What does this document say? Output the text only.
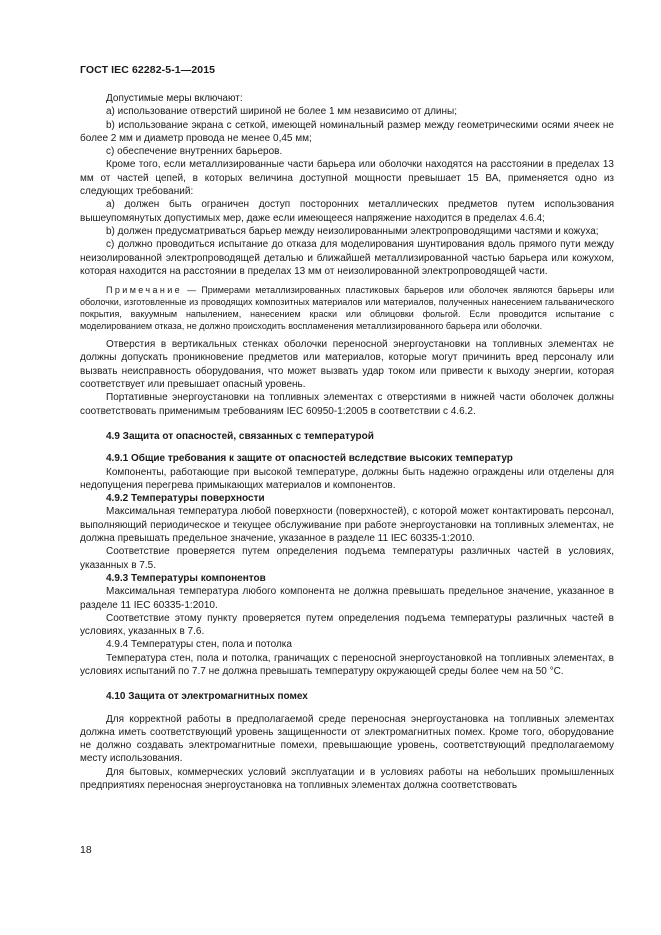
ГОСТ IEC 62282-5-1—2015

Допустимые меры включают:

a) использование отверстий шириной не более 1 мм независимо от длины;

b) использование экрана с сеткой, имеющей номинальный размер между геометрическими осями ячеек не более 2 мм и диаметр провода не менее 0,45 мм;

c) обеспечение внутренних барьеров.

Кроме того, если металлизированные части барьера или оболочки находятся на расстоянии в пределах 13 мм от частей цепей, в которых величина доступной мощности превышает 15 ВА, применяется одно из следующих требований:

a) должен быть ограничен доступ посторонних металлических предметов путем использования вышеупомянутых допустимых мер, даже если имеющееся напряжение находится в пределах 4.6.4;

b) должен предусматриваться барьер между неизолированными электропроводящими частями и кожуха;

c) должно проводиться испытание до отказа для моделирования шунтирования вдоль прямого пути между неизолированной электропроводящей деталью и ближайшей металлизированной частью барьера или кожухом, которая находится на расстоянии в пределах 13 мм от неизолированной электропроводящей части.

Примечание — Примерами металлизированных пластиковых барьеров или оболочек являются барьеры или оболочки, изготовленные из проводящих композитных материалов или материалов, полученных нанесением гальванического покрытия, вакуумным напылением, нанесением краски или облицовки фольгой. Если проводится испытание с моделированием отказа, не должно происходить воспламенения металлизированного барьера или оболочки.

Отверстия в вертикальных стенках оболочки переносной энергоустановки на топливных элементах не должны допускать проникновение предметов или материалов, которые могут причинить вред персоналу или вызвать неисправность оборудования, что может вызвать удар током или привести к выходу энергии, которая соответствует или превышает опасный уровень.

Портативные энергоустановки на топливных элементах с отверстиями в нижней части оболочек должны соответствовать применимым требованиям IEC 60950-1:2005 в соответствии с 4.6.2.

4.9 Защита от опасностей, связанных с температурой

4.9.1 Общие требования к защите от опасностей вследствие высоких температур

Компоненты, работающие при высокой температуре, должны быть надежно ограждены или отделены для недопущения перегрева примыкающих материалов и компонентов.

4.9.2 Температуры поверхности

Максимальная температура любой поверхности (поверхностей), с которой может контактировать персонал, выполняющий периодическое и текущее обслуживание при работе энергоустановки на топливных элементах, не должна превышать предельное значение, указанное в разделе 11 IEC 60335-1:2010.

Соответствие проверяется путем определения подъема температуры различных частей в условиях, указанных в 7.5.

4.9.3 Температуры компонентов

Максимальная температура любого компонента не должна превышать предельное значение, указанное в разделе 11 IEC 60335-1:2010.

Соответствие этому пункту проверяется путем определения подъема температуры различных частей в условиях, указанных в 7.6.

4.9.4 Температуры стен, пола и потолка

Температура стен, пола и потолка, граничащих с переносной энергоустановкой на топливных элементах, в условиях испытаний по 7.7 не должна превышать температуру окружающей среды более чем на 50 °С.

4.10 Защита от электромагнитных помех

Для корректной работы в предполагаемой среде переносная энергоустановка на топливных элементах должна иметь соответствующий уровень защищенности от электромагнитных помех. Кроме того, оборудование не должно создавать электромагнитные помехи, превышающие уровень, соответствующий предполагаемому месту использования.

Для бытовых, коммерческих условий эксплуатации и в условиях работы на небольших промышленных предприятиях переносная энергоустановка на топливных элементах должна соответствовать

18
